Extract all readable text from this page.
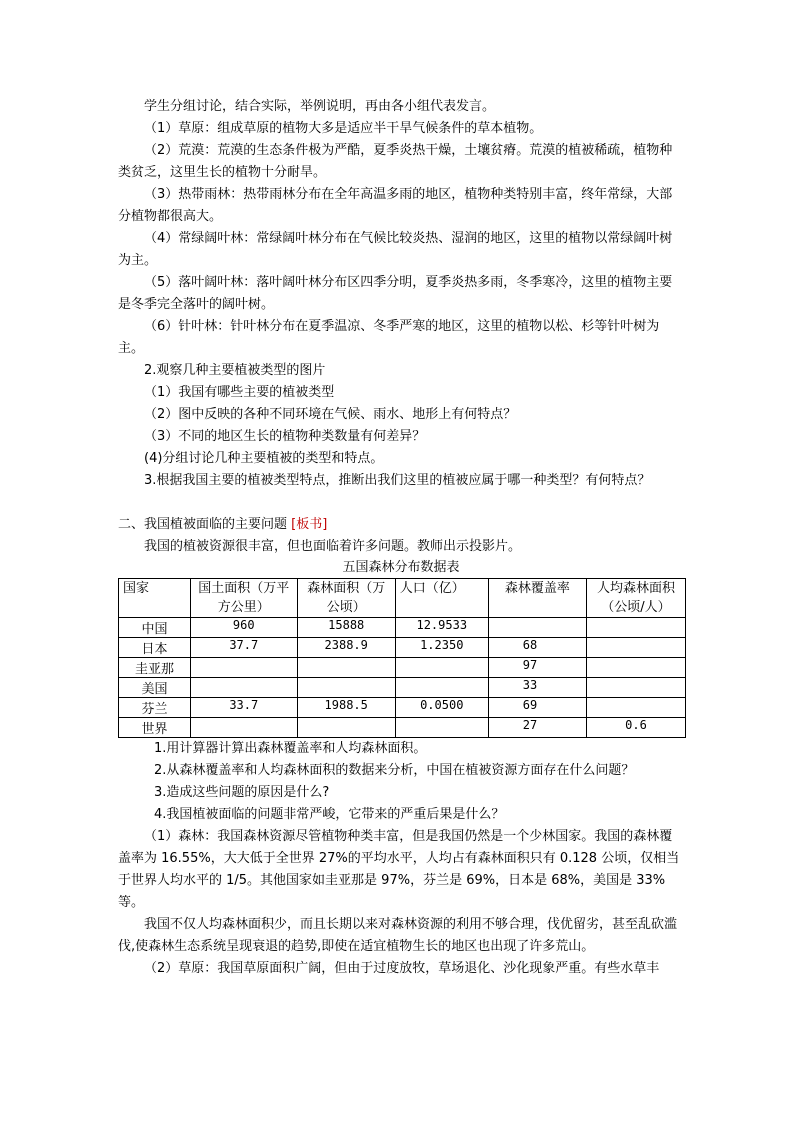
学生分组讨论，结合实际，举例说明，再由各小组代表发言。

（1）草原：组成草原的植物大多是适应半干旱气候条件的草本植物。

（2）荒漠：荒漠的生态条件极为严酷，夏季炎热干燥，土壤贫瘠。荒漠的植被稀疏，植物种类贫乏，这里生长的植物十分耐旱。

（3）热带雨林：热带雨林分布在全年高温多雨的地区，植物种类特别丰富，终年常绿，大部分植物都很高大。

（4）常绿阔叶林：常绿阔叶林分布在气候比较炎热、湿润的地区，这里的植物以常绿阔叶树为主。

（5）落叶阔叶林：落叶阔叶林分布区四季分明，夏季炎热多雨，冬季寒冷，这里的植物主要是冬季完全落叶的阔叶树。

（6）针叶林：针叶林分布在夏季温凉、冬季严寒的地区，这里的植物以松、杉等针叶树为主。

2.观察几种主要植被类型的图片

（1）我国有哪些主要的植被类型

（2）图中反映的各种不同环境在气候、雨水、地形上有何特点？

（3）不同的地区生长的植物种类数量有何差异？

(4)分组讨论几种主要植被的类型和特点。

3.根据我国主要的植被类型特点，推断出我们这里的植被应属于哪一种类型？有何特点？

二、我国植被面临的主要问题 [板书]

我国的植被资源很丰富，但也面临着许多问题。教师出示投影片。

五国森林分布数据表

国家	国土面积（万平方公里）	森林面积（万公顷）	人口（亿）	森林覆盖率	人均森林面积（公顷/人）
中国	960	15888	12.9533		
日本	37.7	2388.9	1.2350	68	
圭亚那				97	
美国				33	
芬兰	33.7	1988.5	0.0500	69	
世界				27	0.6

1.用计算器计算出森林覆盖率和人均森林面积。

2.从森林覆盖率和人均森林面积的数据来分析，中国在植被资源方面存在什么问题？

3.造成这些问题的原因是什么?

4.我国植被面临的问题非常严峻，它带来的严重后果是什么？

（1）森林：我国森林资源尽管植物种类丰富，但是我国仍然是一个少林国家。我国的森林覆盖率为 16.55%，大大低于全世界 27%的平均水平，人均占有森林面积只有 0.128 公顷，仅相当于世界人均水平的 1/5。其他国家如圭亚那是 97%，芬兰是 69%，日本是 68%，美国是 33%等。

我国不仅人均森林面积少，而且长期以来对森林资源的利用不够合理，伐优留劣，甚至乱砍滥伐,使森林生态系统呈现衰退的趋势,即使在适宜植物生长的地区也出现了许多荒山。

（2）草原：我国草原面积广阔，但由于过度放牧，草场退化、沙化现象严重。有些水草丰
